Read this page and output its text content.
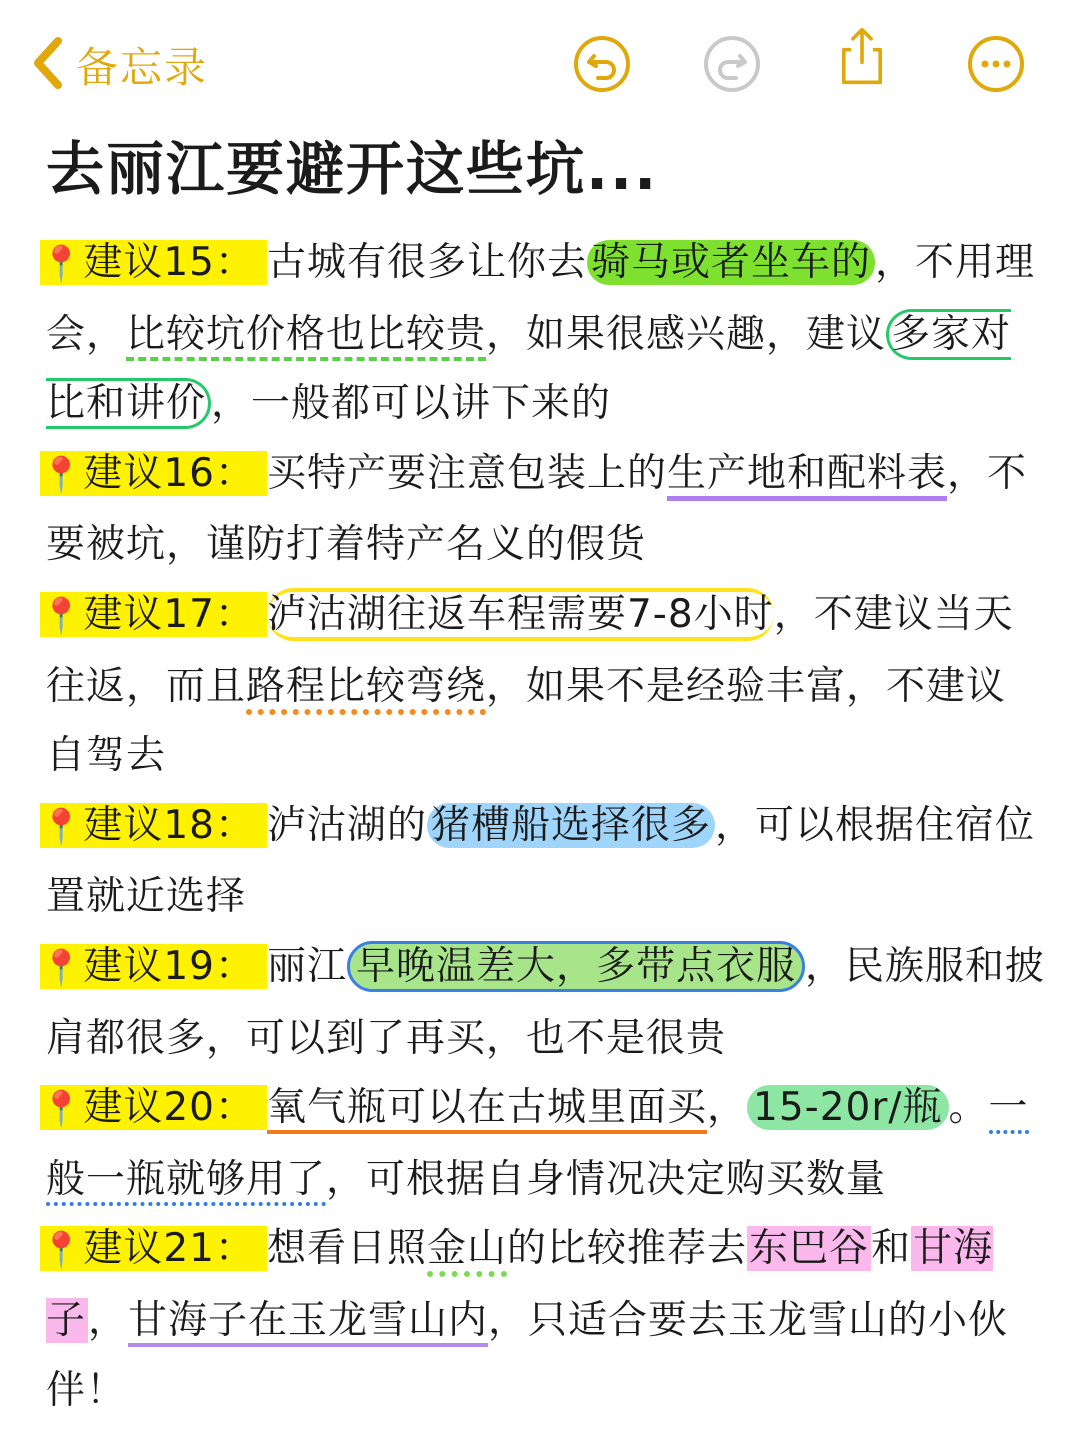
备忘录
去丽江要避开这些坑...

📍建议15： 古城有很多让你去 骑马或者坐车的 ，不用理会，比较坑价格也比较贵，如果很感兴趣，建议 多家对比和讲价 ，一般都可以讲下来的

📍建议16： 买特产要注意包装上的生产地和配料表，不要被坑，谨防打着特产名义的假货

📍建议17： 泸沽湖往返车程需要7-8小时，不建议当天往返，而且路程比较弯绕，如果不是经验丰富，不建议自驾去

📍建议18： 泸沽湖的 猪槽船选择很多 ，可以根据住宿位置就近选择

📍建议19： 丽江 早晚温差大，多带点衣服 ，民族服和披肩都很多，可以到了再买，也不是很贵

📍建议20： 氧气瓶可以在古城里面买， 15-20r/瓶 。一般一瓶就够用了，可根据自身情况决定购买数量

📍建议21： 想看日照金山的比较推荐去东巴谷和甘海子，甘海子在玉龙雪山内，只适合要去玉龙雪山的小伙伴！
